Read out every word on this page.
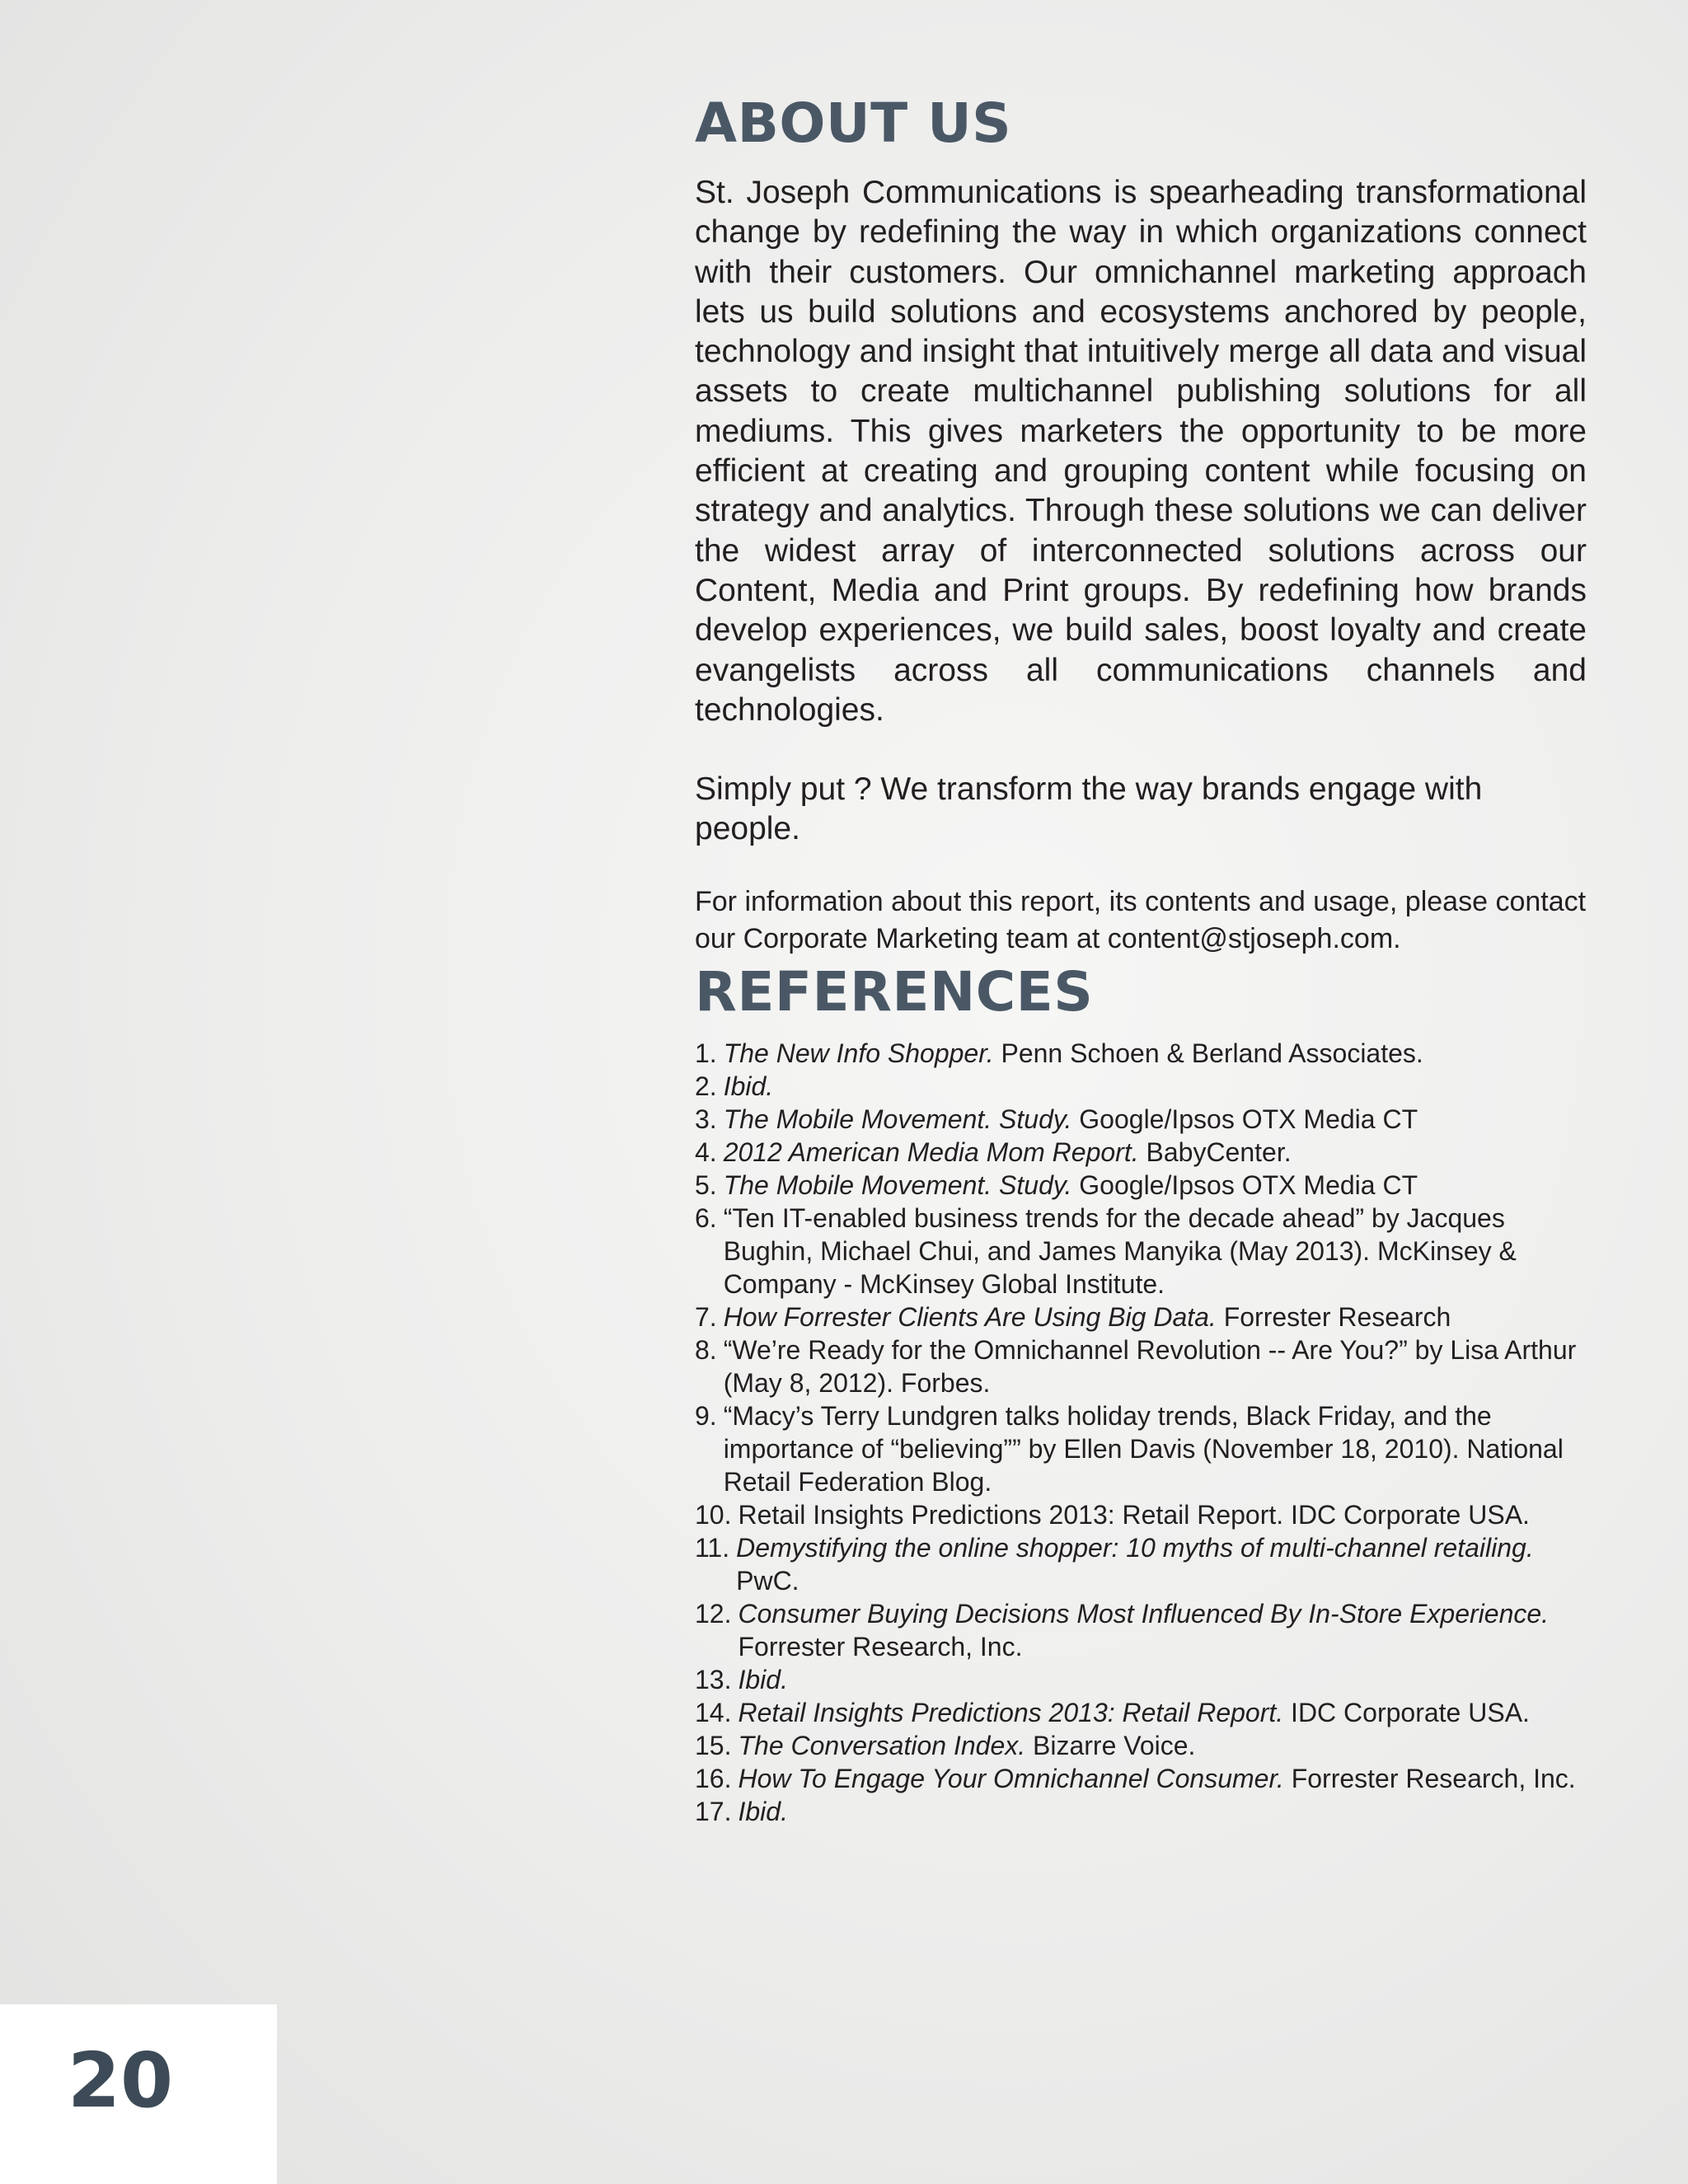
ABOUT US

St. Joseph Communications is spearheading transformational change by redefining the way in which organizations connect with their customers. Our omnichannel marketing approach lets us build solutions and ecosystems anchored by people, technology and insight that intuitively merge all data and visual assets to create multichannel publishing solutions for all mediums. This gives marketers the opportunity to be more efficient at creating and grouping content while focusing on strategy and analytics. Through these solutions we can deliver the widest array of interconnected solutions across our Content, Media and Print groups. By redefining how brands develop experiences, we build sales, boost loyalty and create evangelists across all communications channels and technologies.

Simply put ? We transform the way brands engage with people.

For information about this report, its contents and usage, please contact our Corporate Marketing team at content@stjoseph.com.

REFERENCES
1. The New Info Shopper. Penn Schoen & Berland Associates.
2. Ibid.
3. The Mobile Movement. Study. Google/Ipsos OTX Media CT
4. 2012 American Media Mom Report. BabyCenter.
5. The Mobile Movement. Study. Google/Ipsos OTX Media CT
6. “Ten IT-enabled business trends for the decade ahead” by Jacques Bughin, Michael Chui, and James Manyika (May 2013). McKinsey & Company - McKinsey Global Institute.
7. How Forrester Clients Are Using Big Data. Forrester Research
8. “We’re Ready for the Omnichannel Revolution -- Are You?” by Lisa Arthur (May 8, 2012). Forbes.
9. “Macy’s Terry Lundgren talks holiday trends, Black Friday, and the importance of “believing”” by Ellen Davis (November 18, 2010). National Retail Federation Blog.
10. Retail Insights Predictions 2013: Retail Report. IDC Corporate USA.
11. Demystifying the online shopper: 10 myths of multi-channel retailing. PwC.
12. Consumer Buying Decisions Most Influenced By In-Store Experience. Forrester Research, Inc.
13. Ibid.
14. Retail Insights Predictions 2013: Retail Report. IDC Corporate USA.
15. The Conversation Index. Bizarre Voice.
16. How To Engage Your Omnichannel Consumer. Forrester Research, Inc.
17. Ibid.
20
